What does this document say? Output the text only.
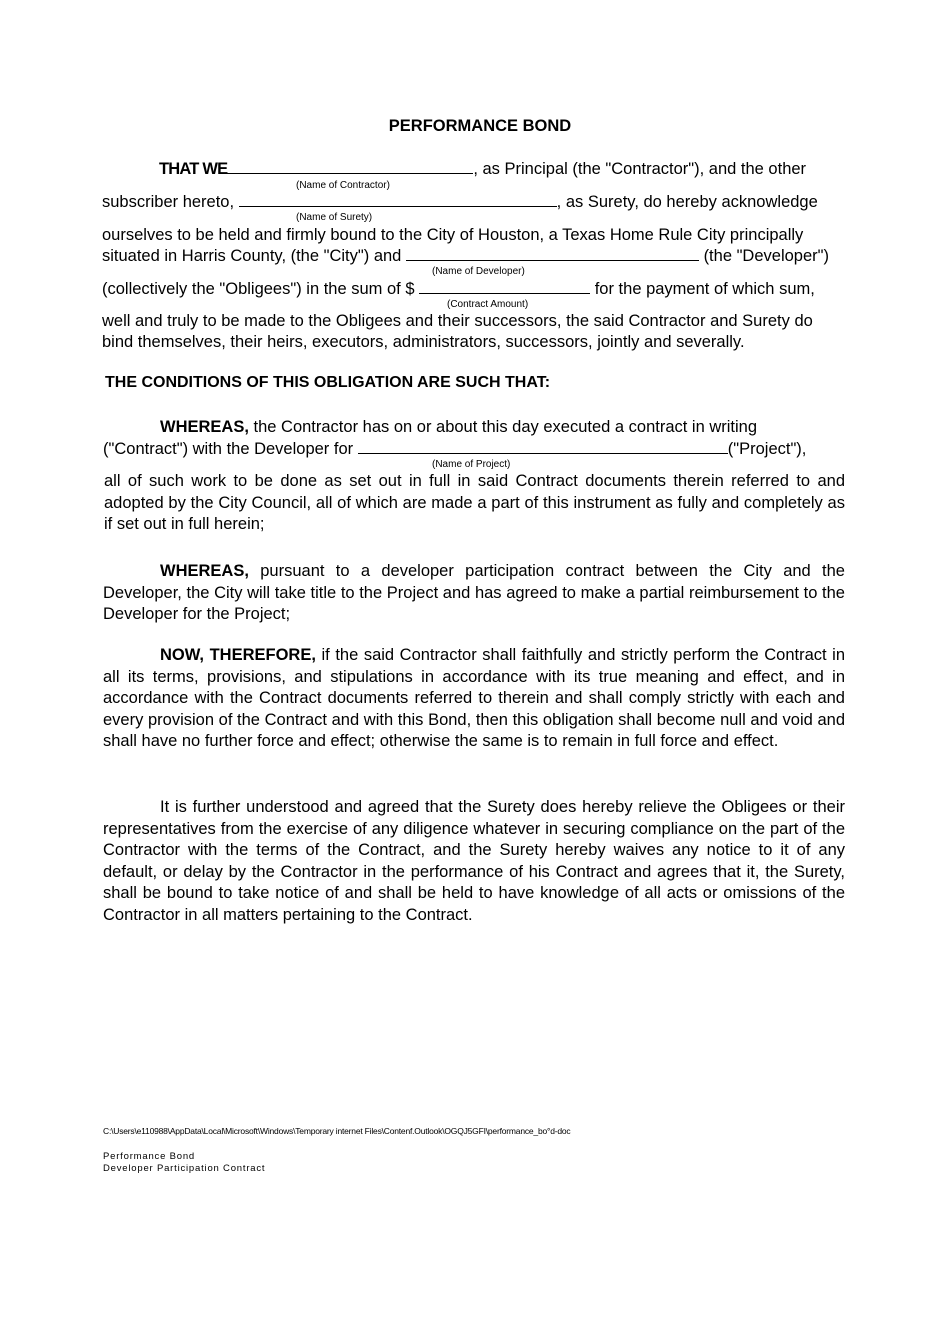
PERFORMANCE BOND
THAT WE	, as Principal (the "Contractor"), and the other
(Name of Contractor)
subscriber hereto,	, as Surety, do hereby acknowledge
(Name of Surety)
ourselves to be held and firmly bound to the City of Houston, a Texas Home Rule City principally
situated in Harris County, (the "City") and	(the "Developer")
(Name of Developer)
(collectively the "Obligees") in the sum of $	for the payment of which sum,
(Contract Amount)
well and truly to be made to the Obligees and their successors, the said Contractor and Surety do
bind themselves, their heirs, executors, administrators, successors, jointly and severally.
THE CONDITIONS OF THIS OBLIGATION ARE SUCH THAT:
WHEREAS, the Contractor has on or about this day executed a contract in writing
("Contract") with the Developer for	("Project"),
(Name of Project)
all of such work to be done as set out in full in said Contract documents therein referred to and adopted by the City Council, all of which are made a part of this instrument as fully and completely as if set out in full herein;
WHEREAS, pursuant to a developer participation contract between the City and the Developer, the City will take title to the Project and has agreed to make a partial reimbursement to the Developer for the Project;
NOW, THEREFORE, if the said Contractor shall faithfully and strictly perform the Contract in all its terms, provisions, and stipulations in accordance with its true meaning and effect, and in accordance with the Contract documents referred to therein and shall comply strictly with each and every provision of the Contract and with this Bond, then this obligation shall become null and void and shall have no further force and effect; otherwise the same is to remain in full force and effect.
It is further understood and agreed that the Surety does hereby relieve the Obligees or their representatives from the exercise of any diligence whatever in securing compliance on the part of the Contractor with the terms of the Contract, and the Surety hereby waives any notice to it of any default, or delay by the Contractor in the performance of his Contract and agrees that it, the Surety, shall be bound to take notice of and shall be held to have knowledge of all acts or omissions of the Contractor in all matters pertaining to the Contract.
C:\Users\e110988\AppData\Local\Microsoft\Windows\Temporary internet Files\Contenf.Outlook\OGQJ5GFI\performance_bo°d-doc
Performance Bond
Developer Participation Contract
